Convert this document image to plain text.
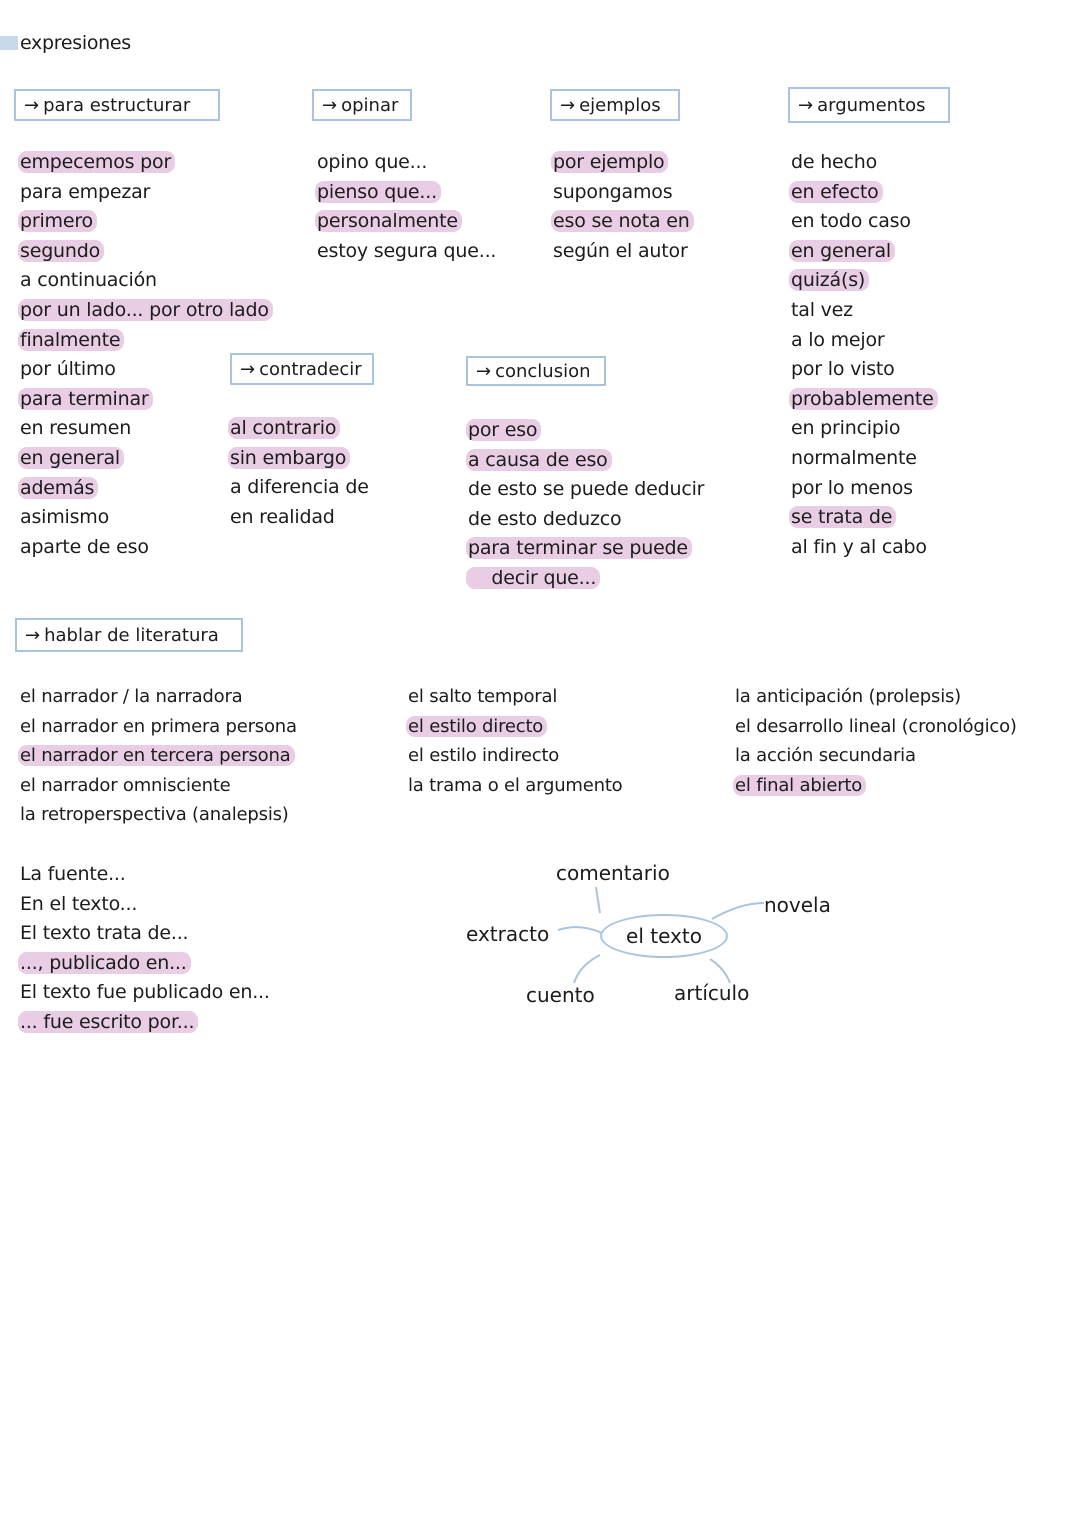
expresiones
→ para estructurar	→ opinar	→ ejemplos	→ argumentos
→ contradecir	→ conclusion
→ hablar de literatura
empecemos por
para empezar
primero
segundo
a continuación
por un lado... por otro lado
finalmente
por último
para terminar
en resumen
en general
además
asimismo
aparte de eso
opino que...
pienso que...
personalmente
estoy segura que...
por ejemplo
supongamos
eso se nota en
según el autor
de hecho
en efecto
en todo caso
en general
quizá(s)
tal vez
a lo mejor
por lo visto
probablemente
en principio
normalmente
por lo menos
se trata de
al fin y al cabo
al contrario
sin embargo
a diferencia de
en realidad
por eso
a causa de eso
de esto se puede deducir
de esto deduzco
para terminar se puede
decir que...
el narrador / la narradora
el narrador en primera persona
el narrador en tercera persona
el narrador omnisciente
la retroperspectiva (analepsis)
el salto temporal
el estilo directo
el estilo indirecto
la trama o el argumento
la anticipación (prolepsis)
el desarrollo lineal (cronológico)
la acción secundaria
el final abierto
La fuente...
En el texto...
El texto trata de...
..., publicado en...
El texto fue publicado en...
... fue escrito por...
el texto
comentario
extracto
novela
cuento	artículo
